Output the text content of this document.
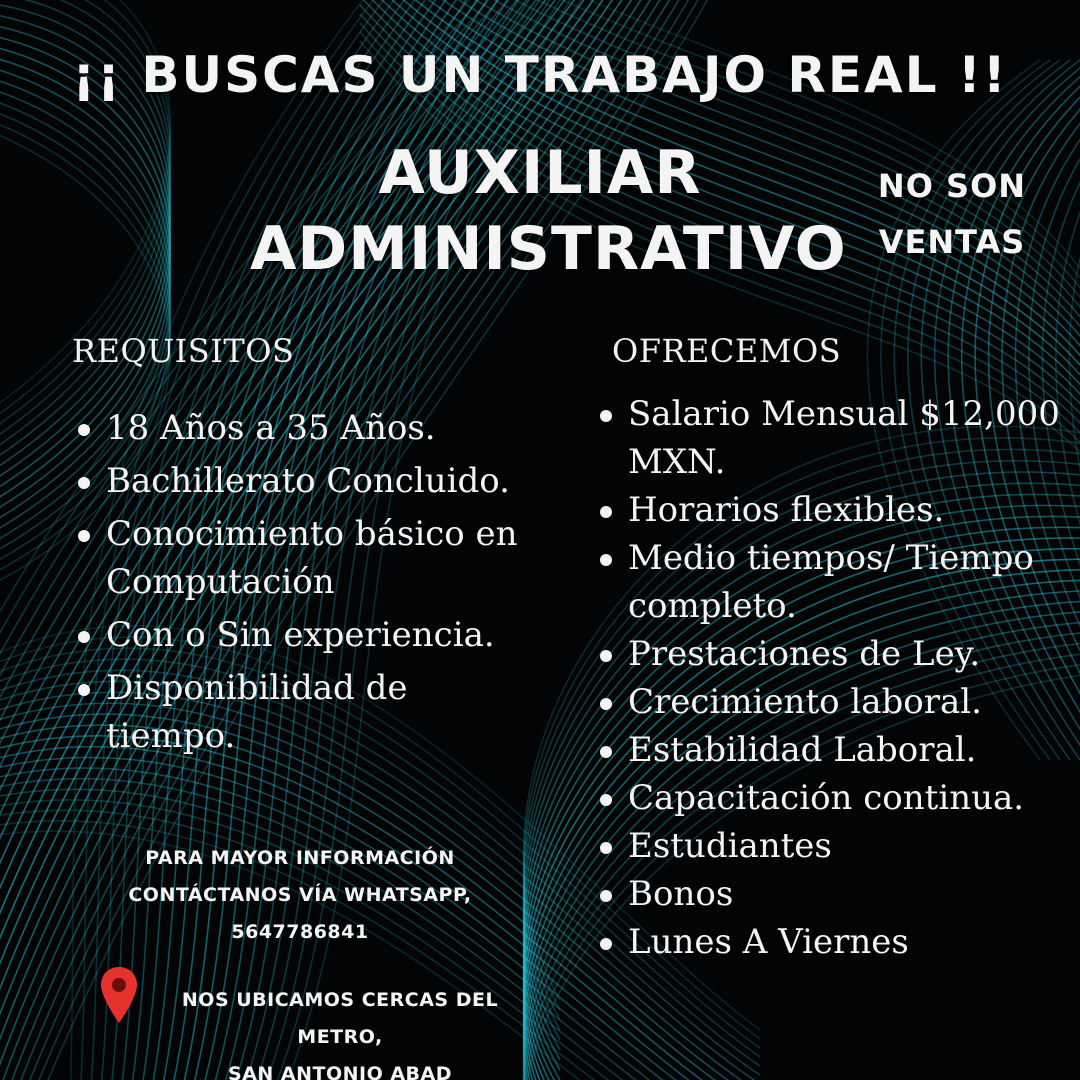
¡¡ BUSCAS UN TRABAJO REAL !!
AUXILIAR
ADMINISTRATIVO
NO SON
VENTAS
REQUISITOS
18 Años a 35 Años.
Bachillerato Concluido.
Conocimiento básico en Computación
Con o Sin experiencia.
Disponibilidad de tiempo.
OFRECEMOS
Salario Mensual $12,000 MXN.
Horarios flexibles.
Medio tiempos/ Tiempo completo.
Prestaciones de Ley.
Crecimiento laboral.
Estabilidad Laboral.
Capacitación continua.
Estudiantes
Bonos
Lunes A Viernes
PARA MAYOR INFORMACIÓN
CONTÁCTANOS VÍA WHATSAPP,
5647786841
NOS UBICAMOS CERCAS DEL METRO,
SAN ANTONIO ABAD
